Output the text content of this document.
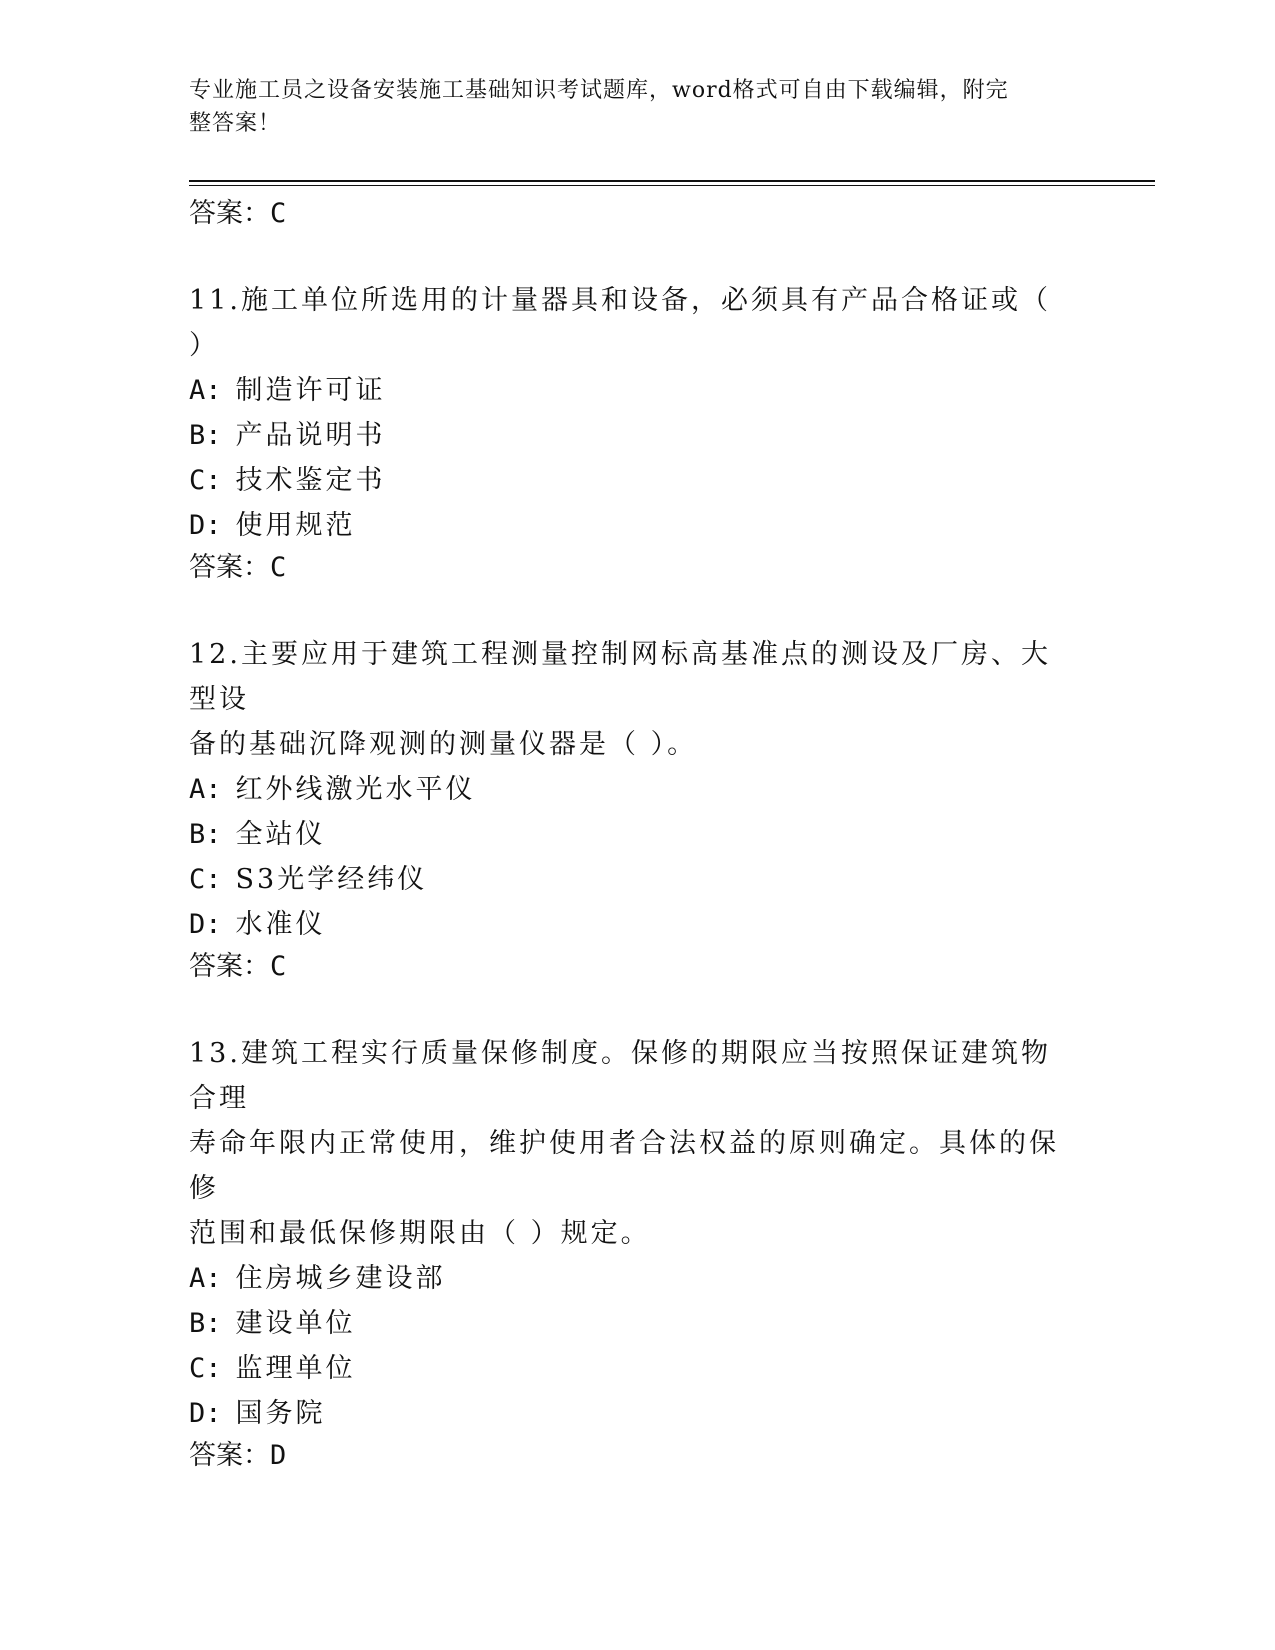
专业施工员之设备安装施工基础知识考试题库，word格式可自由下载编辑，附完
整答案！

答案：C

11.施工单位所选用的计量器具和设备，必须具有产品合格证或（ ）

A: 制造许可证

B: 产品说明书

C: 技术鉴定书

D: 使用规范

答案：C

12.主要应用于建筑工程测量控制网标高基准点的测设及厂房、大型设
备的基础沉降观测的测量仪器是（ ）。

A: 红外线激光水平仪

B: 全站仪

C: S3光学经纬仪

D: 水准仪

答案：C

13.建筑工程实行质量保修制度。保修的期限应当按照保证建筑物合理
寿命年限内正常使用，维护使用者合法权益的原则确定。具体的保修
范围和最低保修期限由（ ）规定。

A: 住房城乡建设部

B: 建设单位

C: 监理单位

D: 国务院

答案：D
